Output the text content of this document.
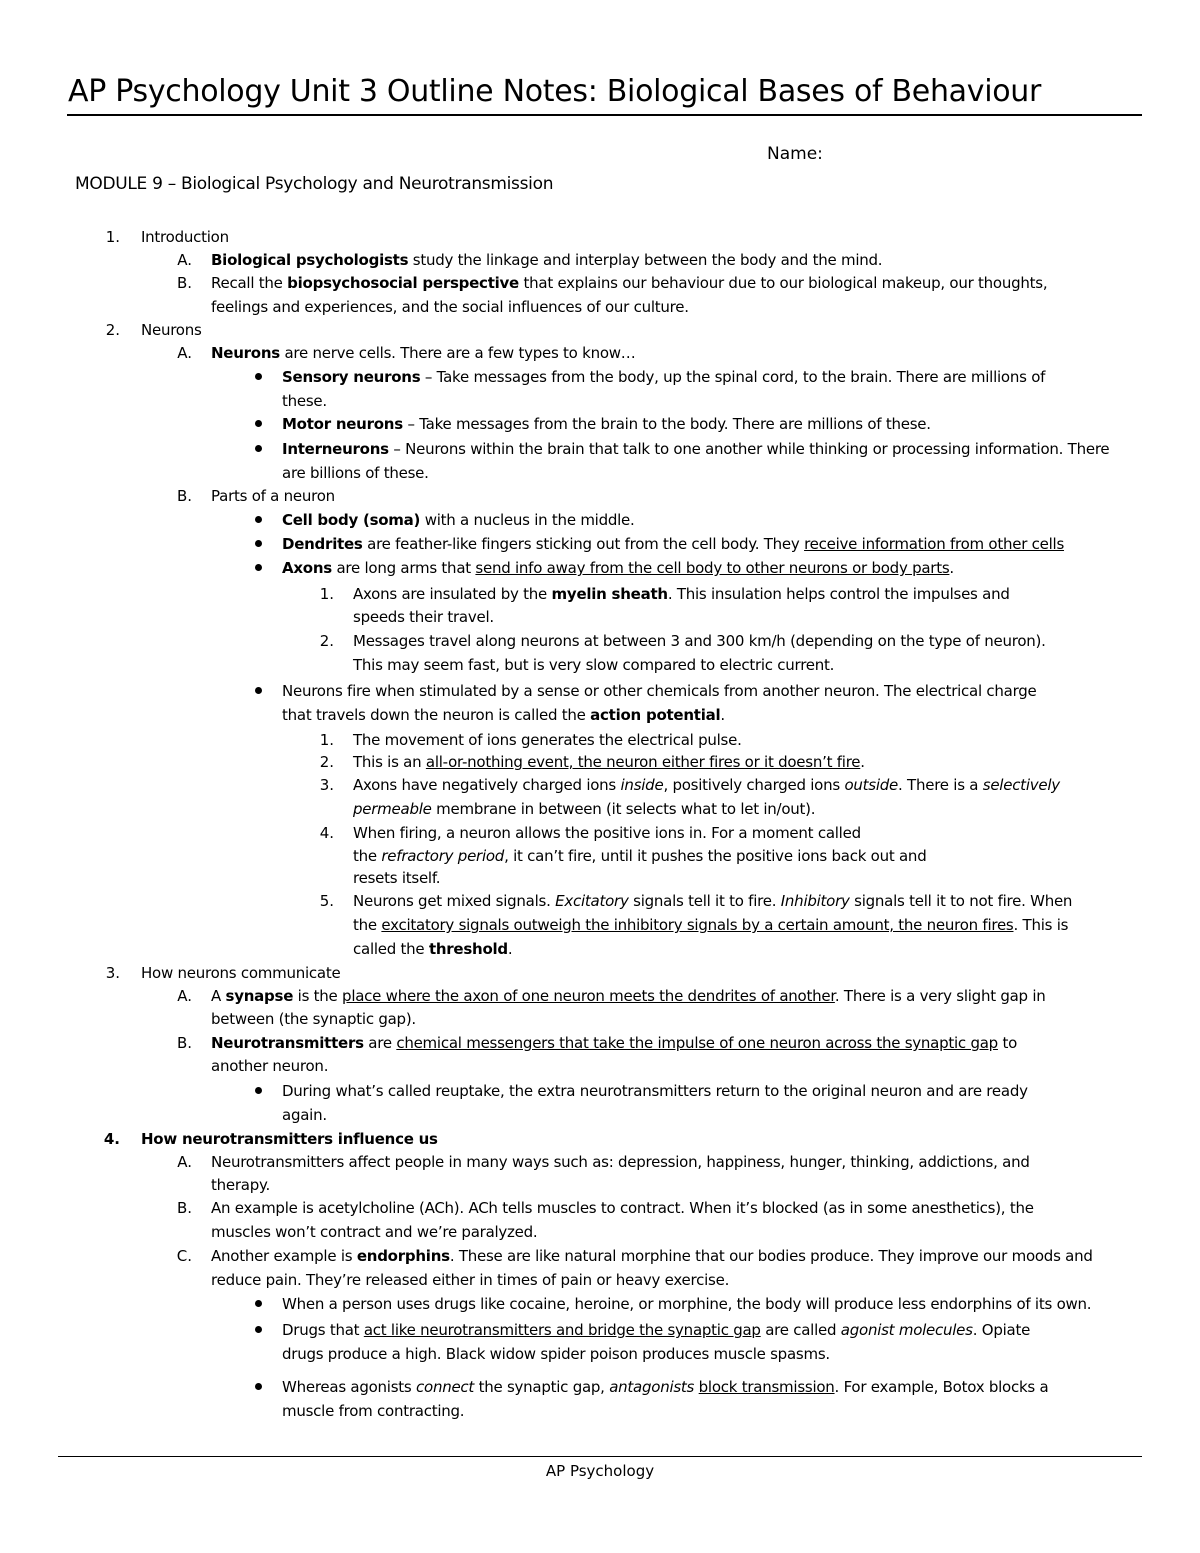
AP Psychology Unit 3 Outline Notes: Biological Bases of Behaviour
Name:
MODULE 9 – Biological Psychology and Neurotransmission
1. Introduction
A. Biological psychologists study the linkage and interplay between the body and the mind.
B. Recall the biopsychosocial perspective that explains our behaviour due to our biological makeup, our thoughts,
feelings and experiences, and the social influences of our culture.
2. Neurons
A. Neurons are nerve cells. There are a few types to know…
Sensory neurons – Take messages from the body, up the spinal cord, to the brain. There are millions of
these.
Motor neurons – Take messages from the brain to the body. There are millions of these.
Interneurons – Neurons within the brain that talk to one another while thinking or processing information. There
are billions of these.
B. Parts of a neuron
Cell body (soma) with a nucleus in the middle.
Dendrites are feather-like fingers sticking out from the cell body. They receive information from other cells
Axons are long arms that send info away from the cell body to other neurons or body parts.
1. Axons are insulated by the myelin sheath. This insulation helps control the impulses and
speeds their travel.
2. Messages travel along neurons at between 3 and 300 km/h (depending on the type of neuron).
This may seem fast, but is very slow compared to electric current.
Neurons fire when stimulated by a sense or other chemicals from another neuron. The electrical charge
that travels down the neuron is called the action potential.
1. The movement of ions generates the electrical pulse.
2. This is an all-or-nothing event, the neuron either fires or it doesn’t fire.
3. Axons have negatively charged ions inside, positively charged ions outside. There is a selectively
permeable membrane in between (it selects what to let in/out).
4. When firing, a neuron allows the positive ions in. For a moment called
the refractory period, it can’t fire, until it pushes the positive ions back out and
resets itself.
5. Neurons get mixed signals. Excitatory signals tell it to fire. Inhibitory signals tell it to not fire. When
the excitatory signals outweigh the inhibitory signals by a certain amount, the neuron fires. This is
called the threshold.
3. How neurons communicate
A. A synapse is the place where the axon of one neuron meets the dendrites of another. There is a very slight gap in
between (the synaptic gap).
B. Neurotransmitters are chemical messengers that take the impulse of one neuron across the synaptic gap to
another neuron.
During what’s called reuptake, the extra neurotransmitters return to the original neuron and are ready
again.
4. How neurotransmitters influence us
A. Neurotransmitters affect people in many ways such as: depression, happiness, hunger, thinking, addictions, and
therapy.
B. An example is acetylcholine (ACh). ACh tells muscles to contract. When it’s blocked (as in some anesthetics), the
muscles won’t contract and we’re paralyzed.
C. Another example is endorphins. These are like natural morphine that our bodies produce. They improve our moods and
reduce pain. They’re released either in times of pain or heavy exercise.
When a person uses drugs like cocaine, heroine, or morphine, the body will produce less endorphins of its own.
Drugs that act like neurotransmitters and bridge the synaptic gap are called agonist molecules. Opiate
drugs produce a high. Black widow spider poison produces muscle spasms.
Whereas agonists connect the synaptic gap, antagonists block transmission. For example, Botox blocks a
muscle from contracting.
AP Psychology
